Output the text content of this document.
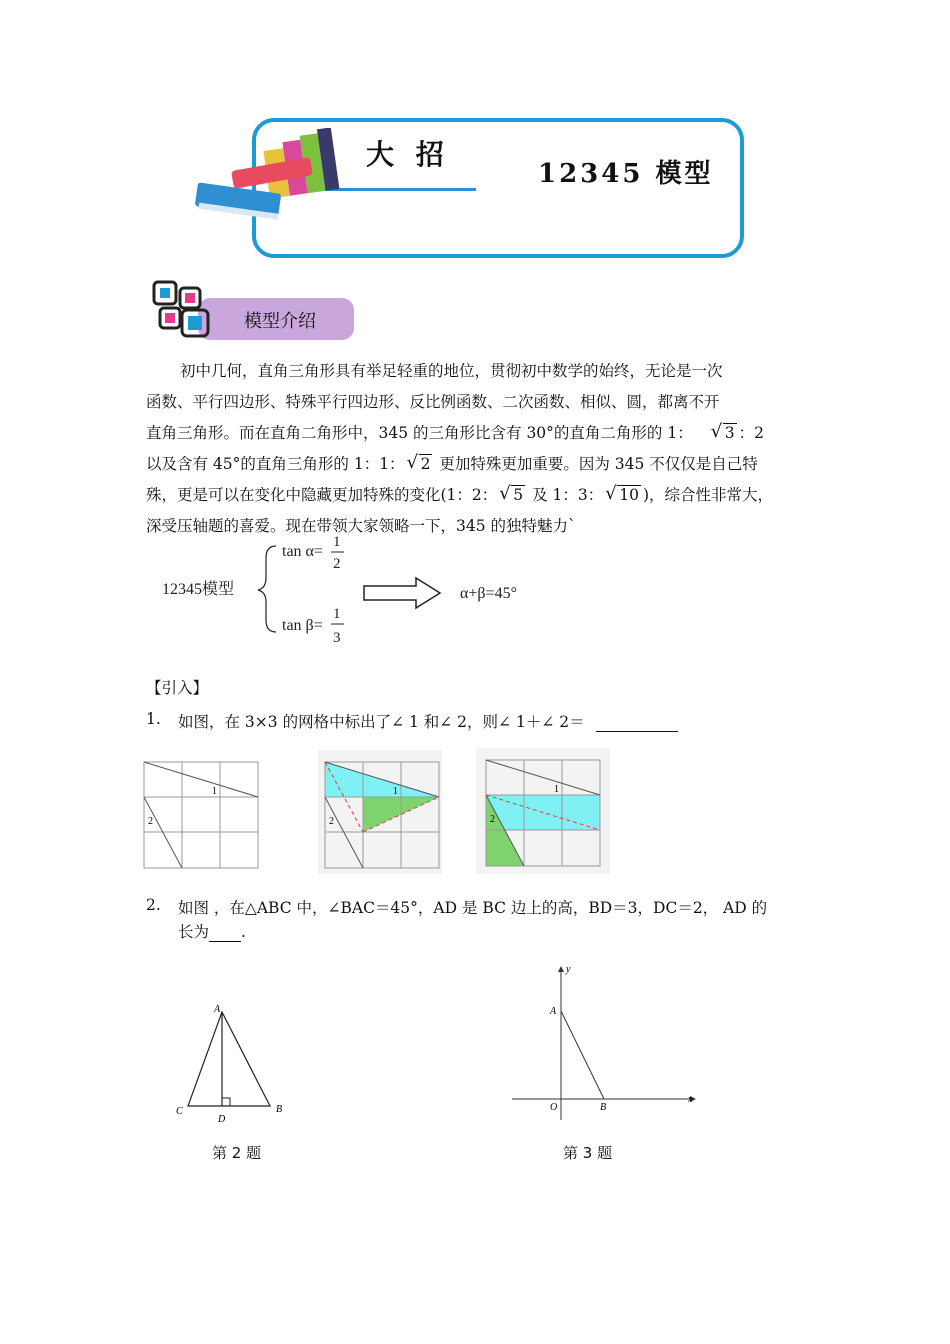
大 招
12345 模型
模型介绍

初中几何，直角三角形具有举足轻重的地位，贯彻初中数学的始终，无论是一次

函数、平行四边形、特殊平行四边形、反比例函数、二次函数、相似、圆，都离不开

直角三角形。而在直角二角形中，345 的三角形比含有 30°的直角二角形的 1： √ 3 ：2

以及含有 45°的直角三角形的 1：1： √ 2 更加特殊更加重要。因为 345 不仅仅是自己特

殊，更是可以在变化中隐藏更加特殊的变化(1：2： √ 5 及 1：3： √ 10 )，综合性非常大，

深受压轴题的喜爱。现在带领大家领略一下，345 的独特魅力`

12345模型
tan α=
1
2
tan β=
1
3
α+β=45°
【引入】
1. 如图，在 3×3 的网格中标出了∠ 1 和∠ 2，则∠ 1＋∠ 2＝
1
2
1
2
1
2
2. 如图 ，在△ABC 中，∠BAC＝45°，AD 是 BC 边上的高，BD＝3，DC＝2， AD 的
长为 .
A
C
D
B
第 2 题
y
x
A
O	B
第 3 题
